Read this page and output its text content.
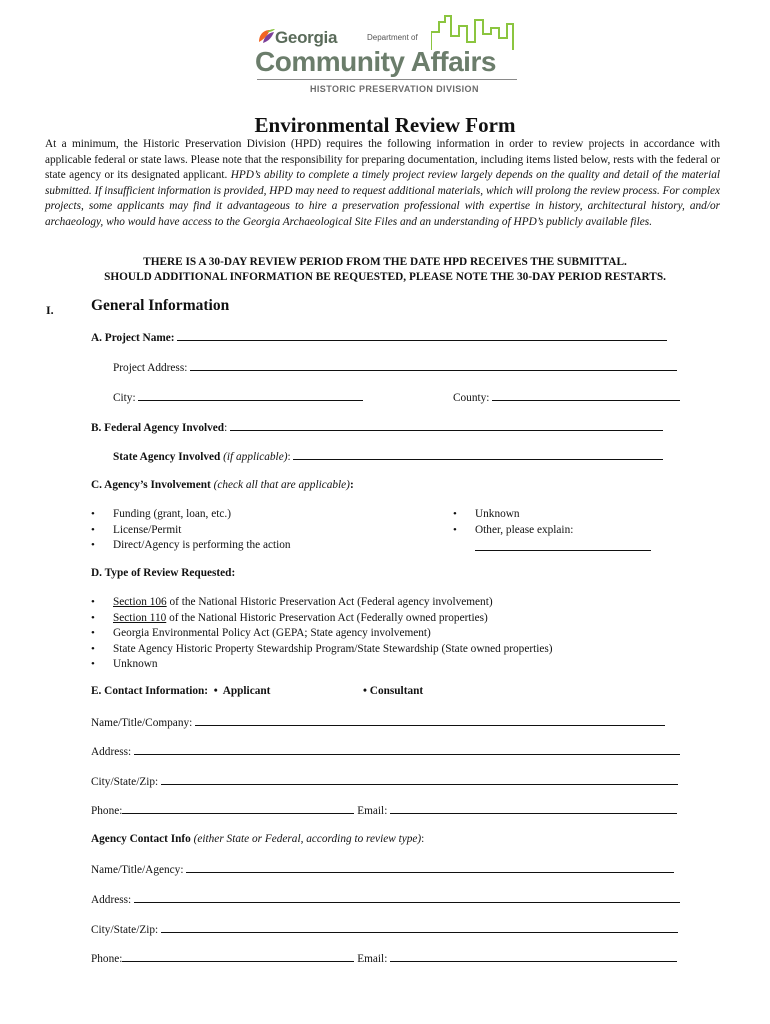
Georgia	Department of
Community Affairs
HISTORIC PRESERVATION DIVISION
Environmental Review Form
At a minimum, the Historic Preservation Division (HPD) requires the following information in order to review projects in accordance with applicable federal or state laws. Please note that the responsibility for preparing documentation, including items listed below, rests with the federal or state agency or its designated applicant. HPD’s ability to complete a timely project review largely depends on the quality and detail of the material submitted. If insufficient information is provided, HPD may need to request additional materials, which will prolong the review process. For complex projects, some applicants may find it advantageous to hire a preservation professional with expertise in history, architectural history, and/or archaeology, who would have access to the Georgia Archaeological Site Files and an understanding of HPD’s publicly available files.
THERE IS A 30-DAY REVIEW PERIOD FROM THE DATE HPD RECEIVES THE SUBMITTAL.
SHOULD ADDITIONAL INFORMATION BE REQUESTED, PLEASE NOTE THE 30-DAY PERIOD RESTARTS.
I. General Information
A. Project Name:
Project Address:
City:	County:
B. Federal Agency Involved:
State Agency Involved (if applicable):
C. Agency’s Involvement (check all that are applicable):
• Funding (grant, loan, etc.)
• License/Permit
• Direct/Agency is performing the action
• Unknown
• Other, please explain:
D. Type of Review Requested:
• Section 106 of the National Historic Preservation Act (Federal agency involvement)
• Section 110 of the National Historic Preservation Act (Federally owned properties)
• Georgia Environmental Policy Act (GEPA; State agency involvement)
• State Agency Historic Property Stewardship Program/State Stewardship (State owned properties)
• Unknown
E. Contact Information:  •  Applicant	• Consultant
Name/Title/Company:
Address:
City/State/Zip:
Phone:	Email:
Agency Contact Info (either State or Federal, according to review type):
Name/Title/Agency:
Address:
City/State/Zip:
Phone:	Email:
